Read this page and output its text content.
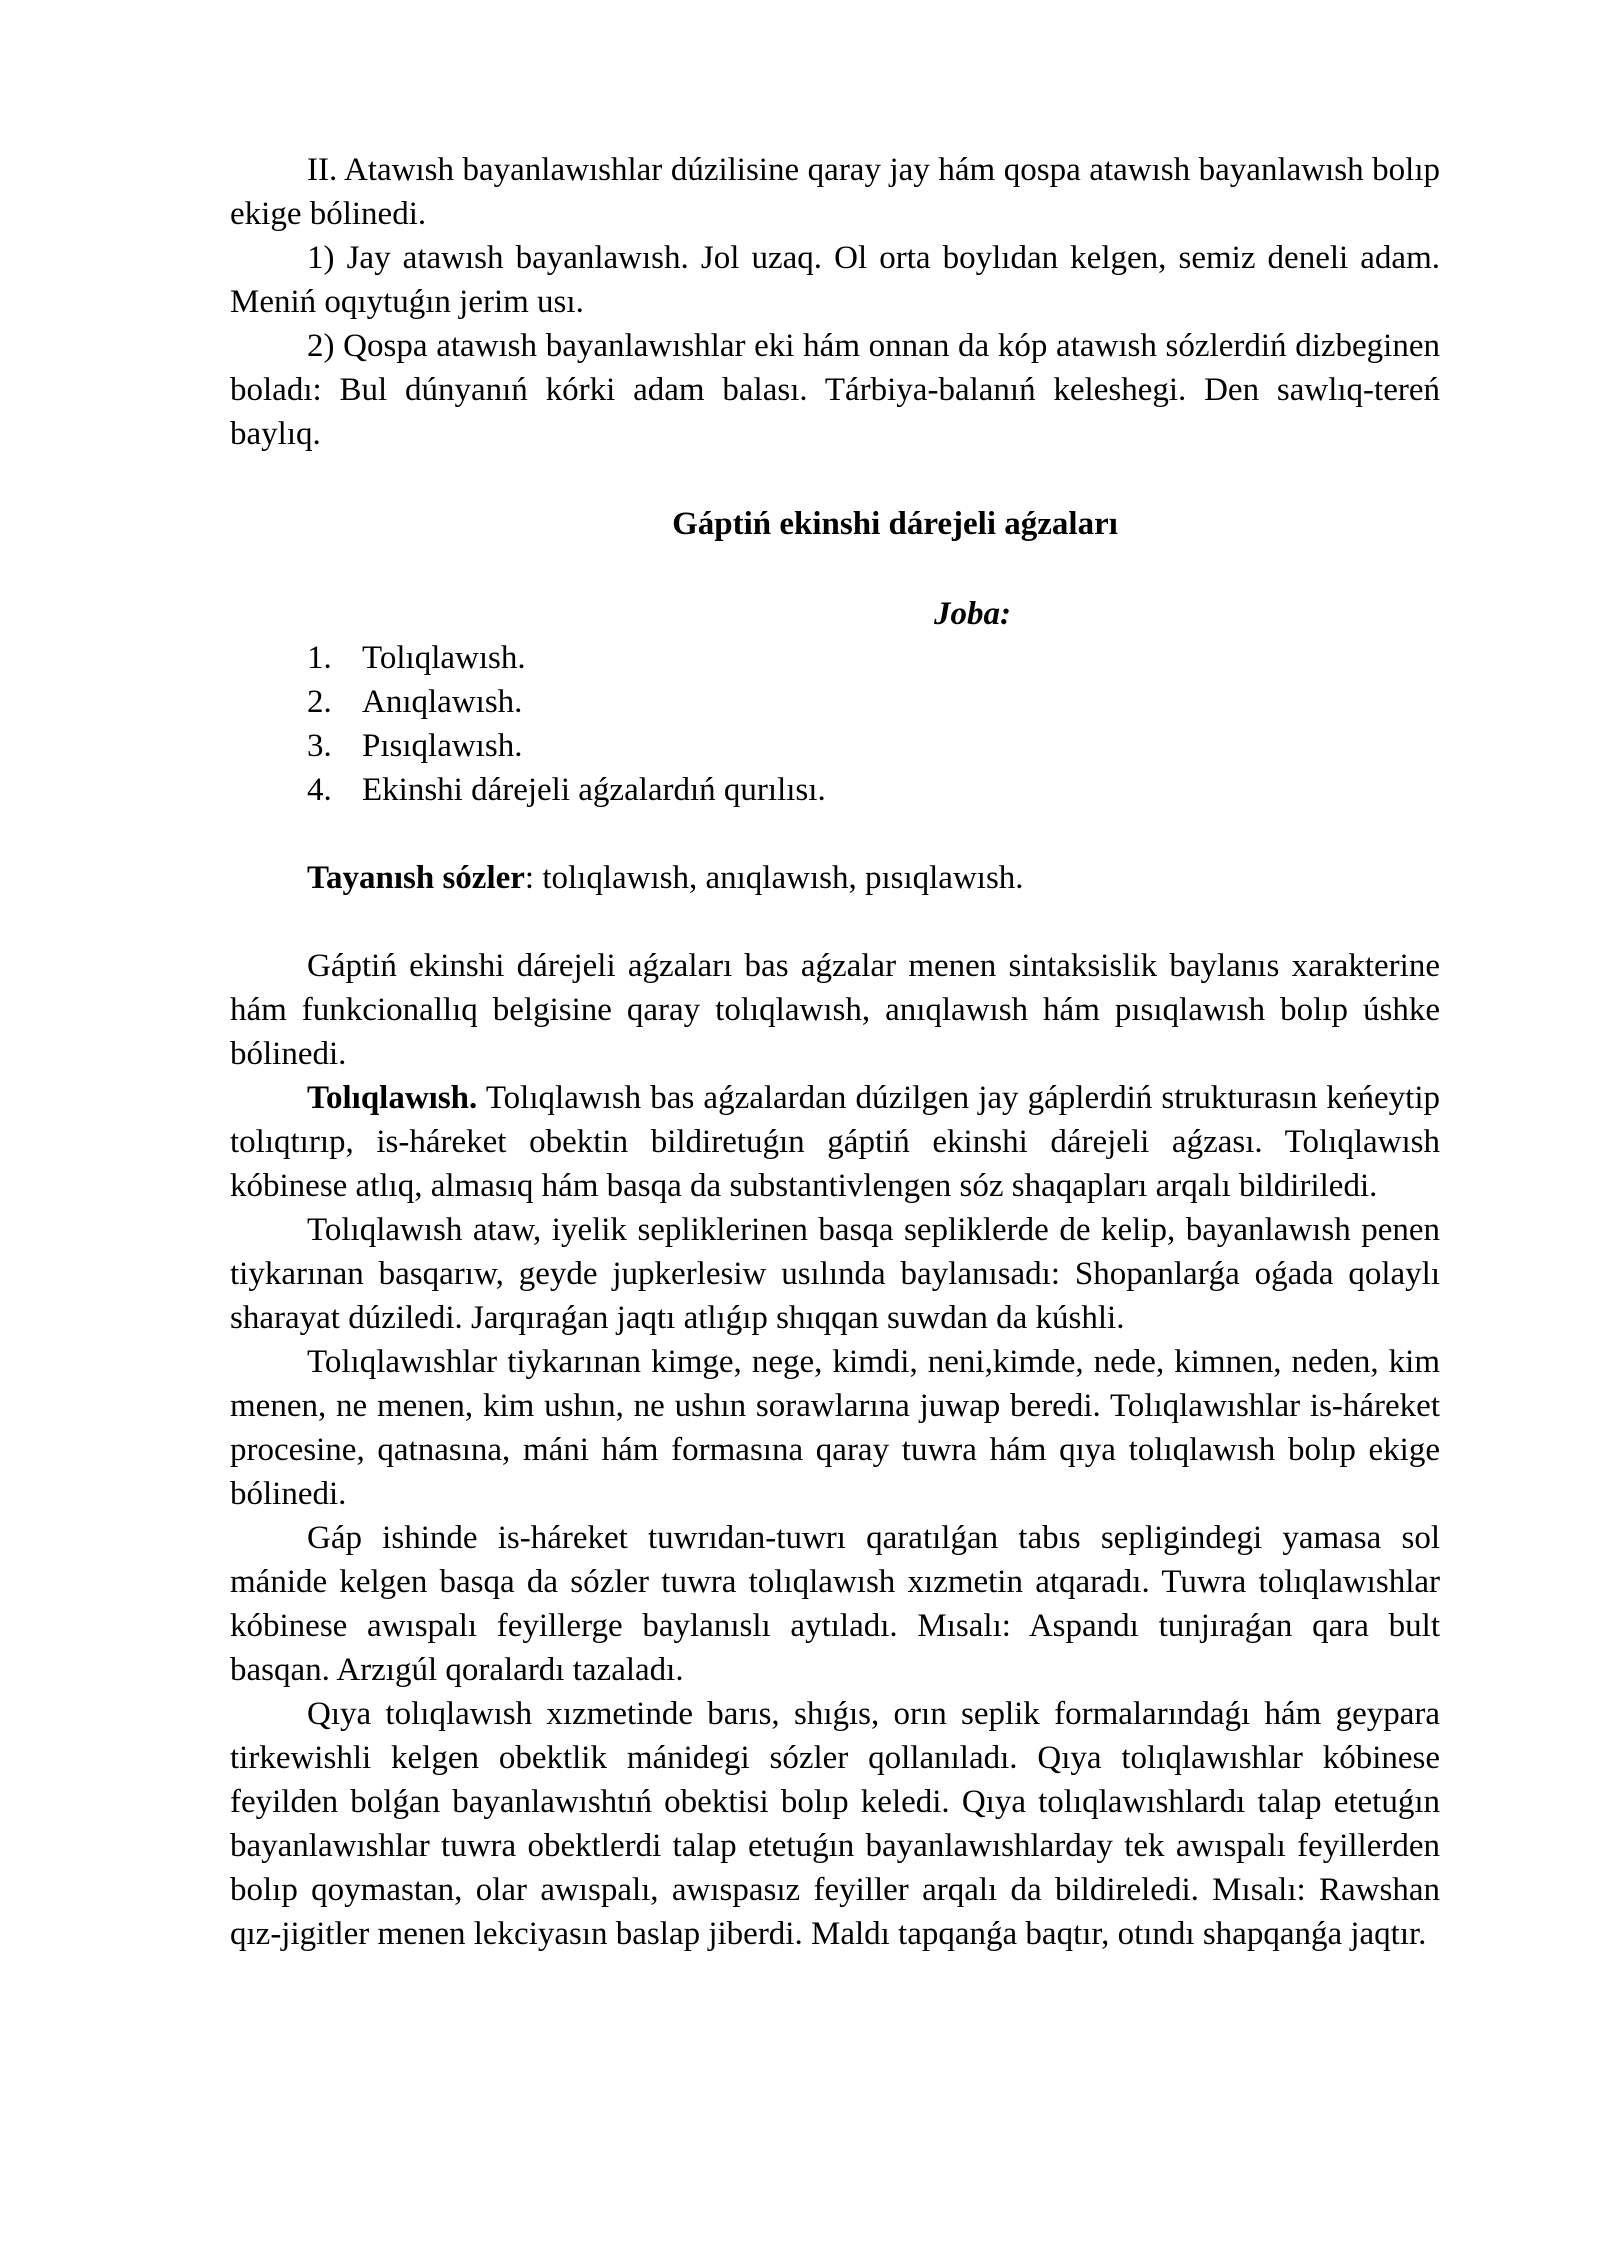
II. Atawısh bayanlawıshlar dúzilisine qaray jay hám qospa atawısh bayanlawısh bolıp ekige bólinedi.

1) Jay atawısh bayanlawısh. Jol uzaq. Ol orta boylıdan kelgen, semiz deneli adam. Meniń oqıytuǵın jerim usı.

2) Qospa atawısh bayanlawıshlar eki hám onnan da kóp atawısh sózlerdiń dizbeginen boladı: Bul dúnyanıń kórki adam balası. Tárbiya-balanıń keleshegi. Den sawlıq-tereń baylıq.

Gáptiń ekinshi dárejeli aǵzaları

Joba:

1. Tolıqlawısh.
2. Anıqlawısh.
3. Pısıqlawısh.
4. Ekinshi dárejeli aǵzalardıń qurılısı.

Tayanısh sózler: tolıqlawısh, anıqlawısh, pısıqlawısh.

Gáptiń ekinshi dárejeli aǵzaları bas aǵzalar menen sintaksislik baylanıs xarakterine hám funkcionallıq belgisine qaray tolıqlawısh, anıqlawısh hám pısıqlawısh bolıp úshke bólinedi.

Tolıqlawısh. Tolıqlawısh bas aǵzalardan dúzilgen jay gáplerdiń strukturasın keńeytip tolıqtırıp, is-háreket obektin bildiretuǵın gáptiń ekinshi dárejeli aǵzası. Tolıqlawısh kóbinese atlıq, almasıq hám basqa da substantivlengen sóz shaqapları arqalı bildiriledi.

Tolıqlawısh ataw, iyelik sepliklerinen basqa sepliklerde de kelip, bayanlawısh penen tiykarınan basqarıw, geyde jupkerlesiw usılında baylanısadı: Shopanlarǵa oǵada qolaylı sharayat dúziledi. Jarqıraǵan jaqtı atlıǵıp shıqqan suwdan da kúshli.

Tolıqlawıshlar tiykarınan kimge, nege, kimdi, neni,kimde, nede, kimnen, neden, kim menen, ne menen, kim ushın, ne ushın sorawlarına juwap beredi. Tolıqlawıshlar is-háreket procesine, qatnasına, máni hám formasına qaray tuwra hám qıya tolıqlawısh bolıp ekige bólinedi.

Gáp ishinde is-háreket tuwrıdan-tuwrı qaratılǵan tabıs sepligindegi yamasa sol mánide kelgen basqa da sózler tuwra tolıqlawısh xızmetin atqaradı. Tuwra tolıqlawıshlar kóbinese awıspalı feyillerge baylanıslı aytıladı. Mısalı: Aspandı tunjıraǵan qara bult basqan. Arzıgúl qoralardı tazaladı.

Qıya tolıqlawısh xızmetinde barıs, shıǵıs, orın seplik formalarındaǵı hám geypara tirkewishli kelgen obektlik mánidegi sózler qollanıladı. Qıya tolıqlawıshlar kóbinese feyilden bolǵan bayanlawıshtıń obektisi bolıp keledi. Qıya tolıqlawıshlardı talap etetuǵın bayanlawıshlar tuwra obektlerdi talap etetuǵın bayanlawıshlarday tek awıspalı feyillerden bolıp qoymastan, olar awıspalı, awıspasız feyiller arqalı da bildireledi. Mısalı: Rawshan qız-jigitler menen lekciyasın baslap jiberdi. Maldı tapqanǵa baqtır, otındı shapqanǵa jaqtır.
